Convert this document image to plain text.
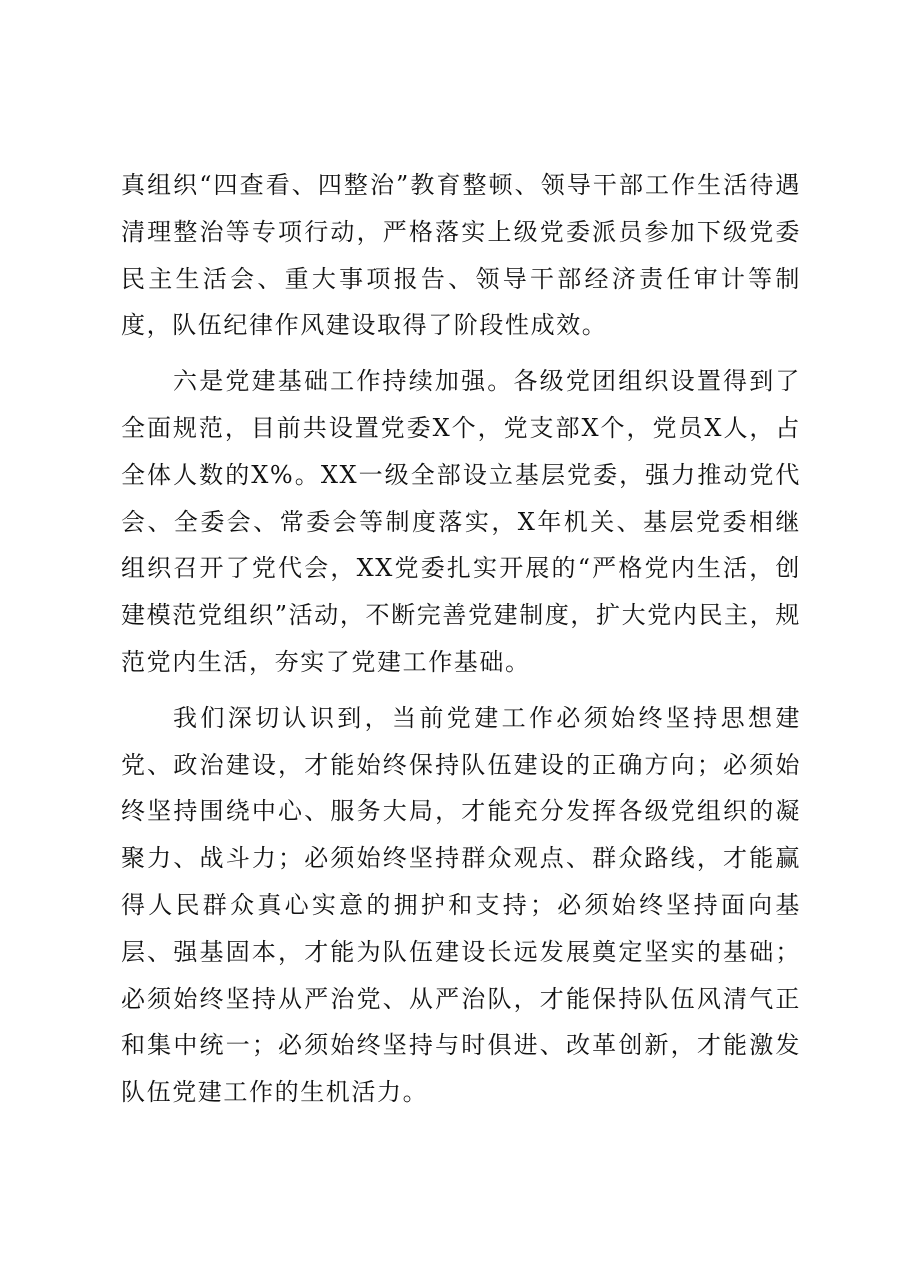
真组织“四查看、四整治”教育整顿、领导干部工作生活待遇清理整治等专项行动，严格落实上级党委派员参加下级党委民主生活会、重大事项报告、领导干部经济责任审计等制度，队伍纪律作风建设取得了阶段性成效。

六是党建基础工作持续加强。各级党团组织设置得到了全面规范，目前共设置党委X个，党支部X个，党员X人，占全体人数的X%。XX一级全部设立基层党委，强力推动党代会、全委会、常委会等制度落实，X年机关、基层党委相继组织召开了党代会，XX党委扎实开展的“严格党内生活，创建模范党组织”活动，不断完善党建制度，扩大党内民主，规范党内生活，夯实了党建工作基础。

我们深切认识到，当前党建工作必须始终坚持思想建党、政治建设，才能始终保持队伍建设的正确方向；必须始终坚持围绕中心、服务大局，才能充分发挥各级党组织的凝聚力、战斗力；必须始终坚持群众观点、群众路线，才能赢得人民群众真心实意的拥护和支持；必须始终坚持面向基层、强基固本，才能为队伍建设长远发展奠定坚实的基础；必须始终坚持从严治党、从严治队，才能保持队伍风清气正和集中统一；必须始终坚持与时俱进、改革创新，才能激发队伍党建工作的生机活力。
